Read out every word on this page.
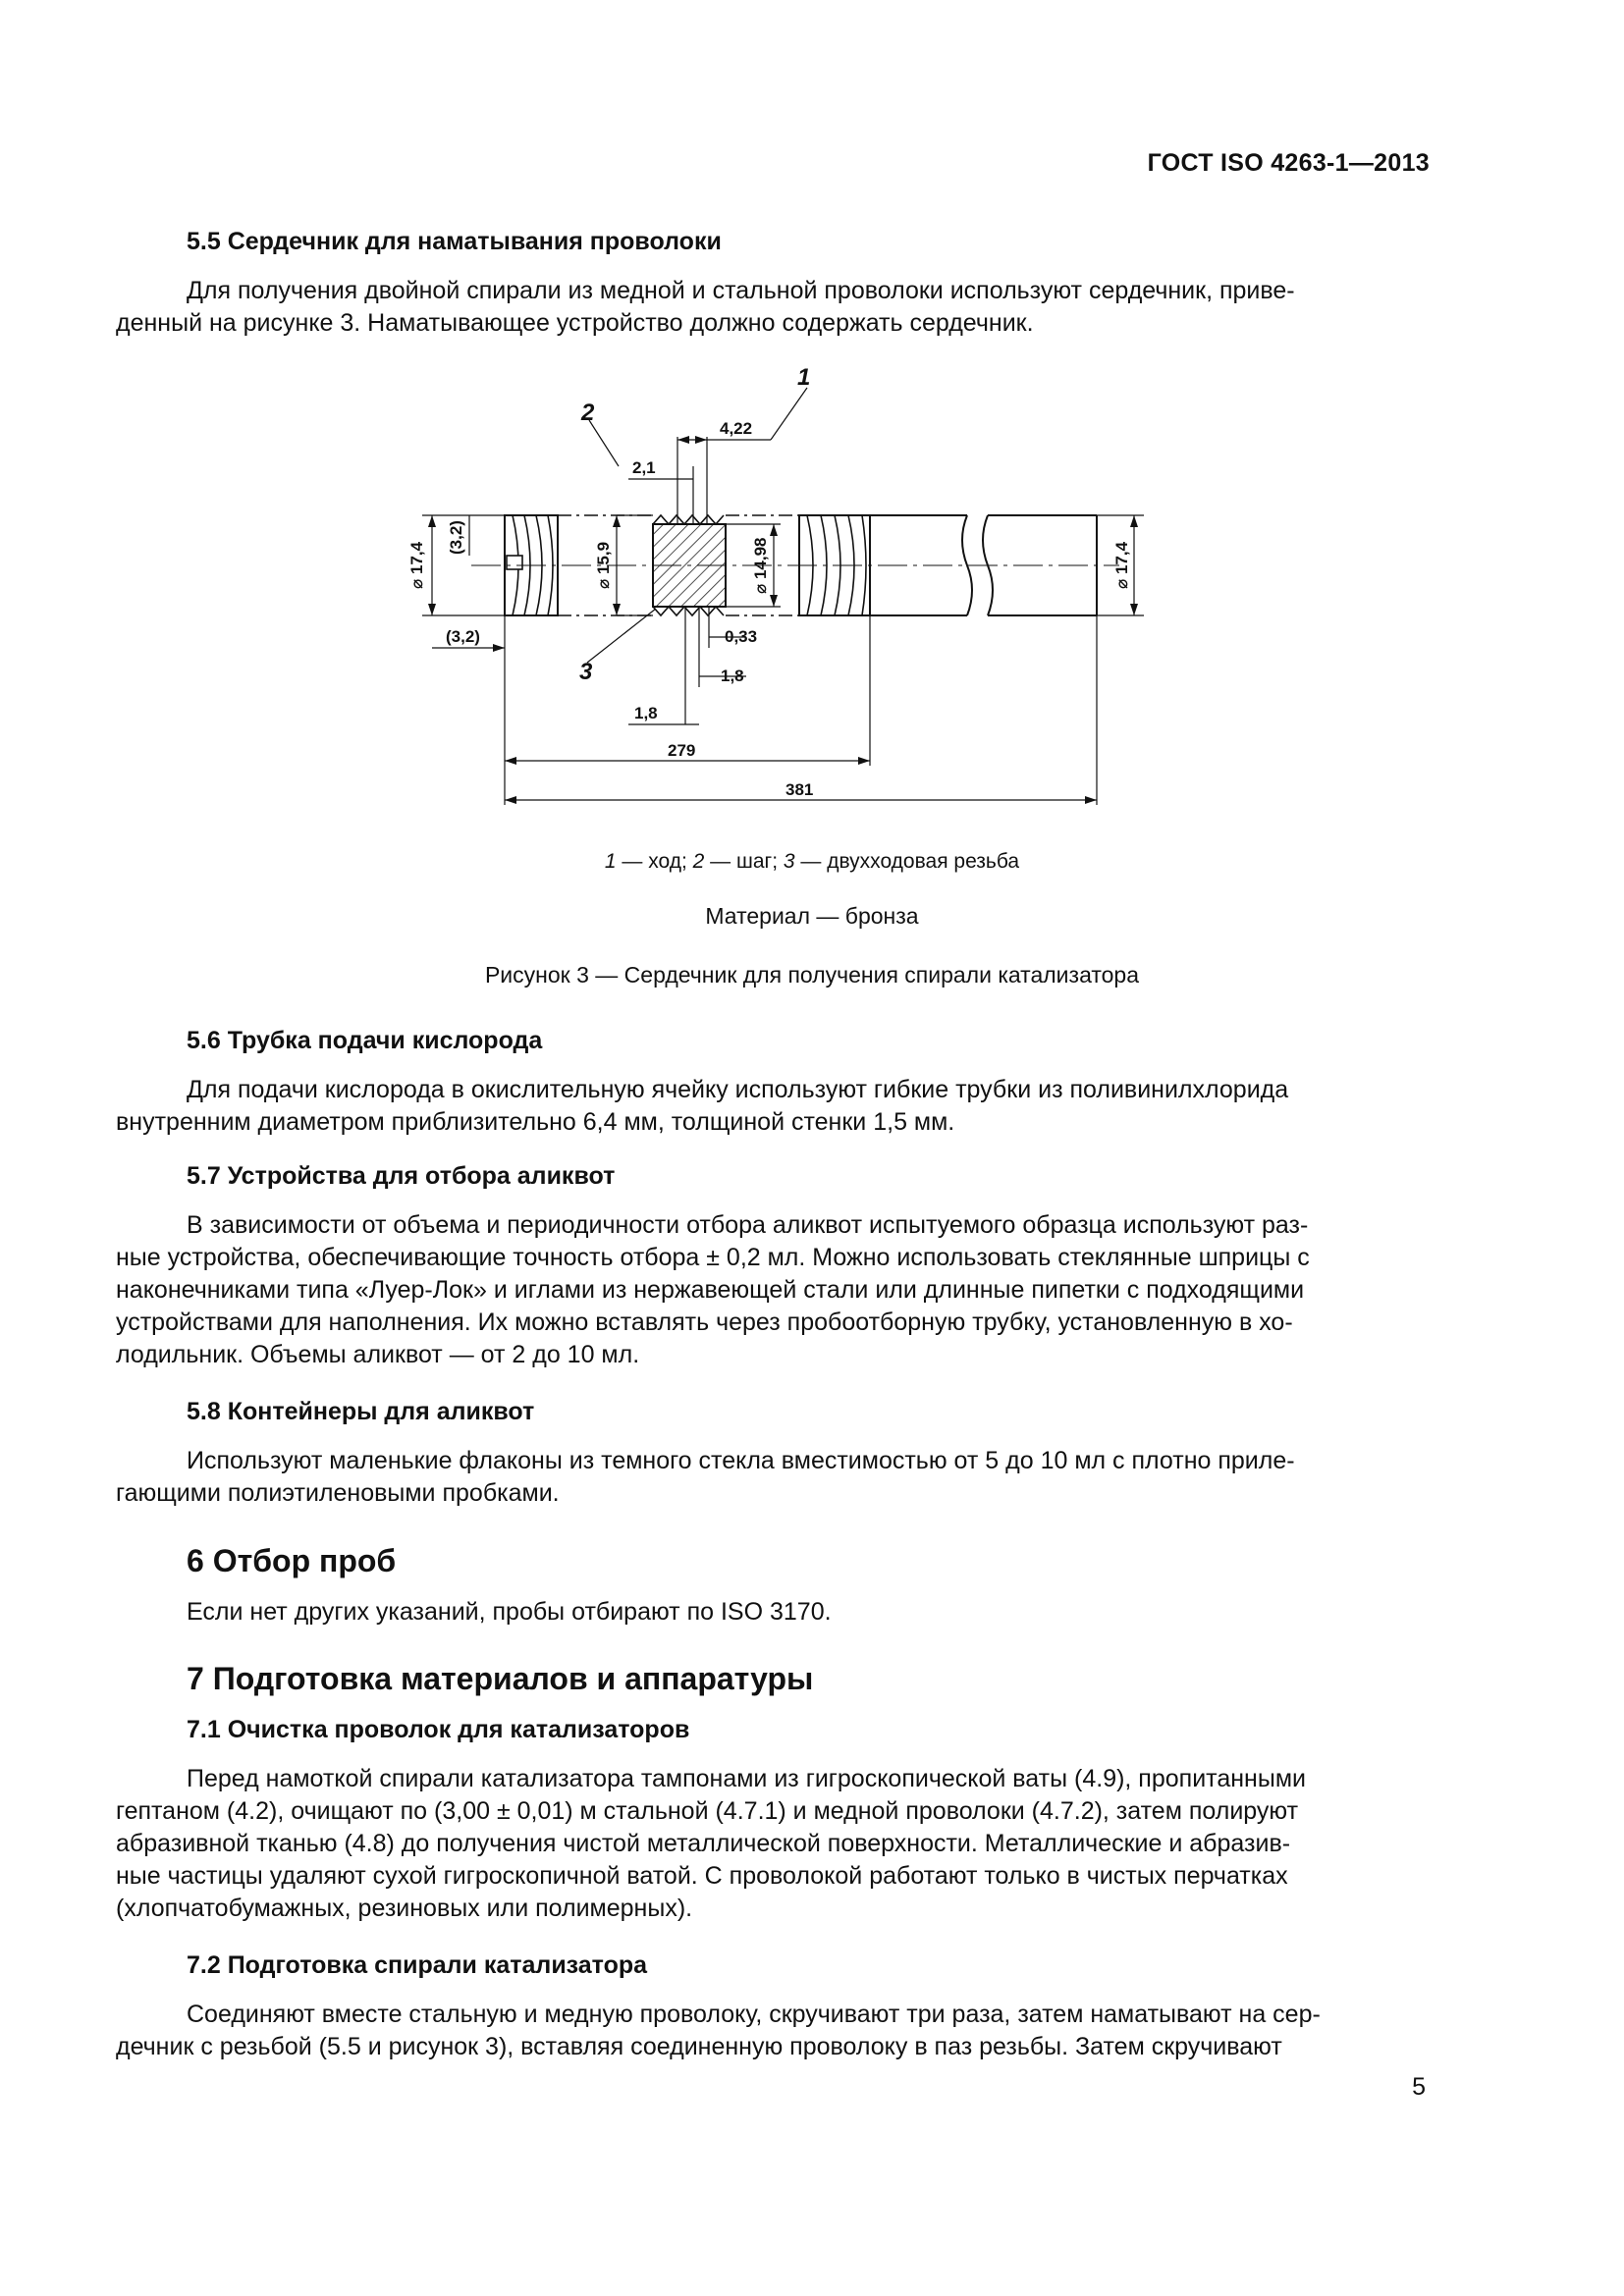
ГОСТ ISO 4263-1—2013
5.5 Сердечник для наматывания проволоки
Для получения двойной спирали из медной и стальной проволоки используют сердечник, приве-
денный на рисунке 3. Наматывающее устройство должно содержать сердечник.
4,22
2,1
⌀ 17,4
(3,2)
⌀ 15,9	⌀ 14,98	⌀ 17,4
(3,2)	0,33
1,8
1,8
279
381
1
2
3
1 — ход; 2 — шаг; 3 — двухходовая резьба
Материал — бронза
Рисунок 3 — Сердечник для получения спирали катализатора
5.6 Трубка подачи кислорода
Для подачи кислорода в окислительную ячейку используют гибкие трубки из поливинилхлорида
внутренним диаметром приблизительно 6,4 мм, толщиной стенки 1,5 мм.
5.7 Устройства для отбора аликвот
В зависимости от объема и периодичности отбора аликвот испытуемого образца используют раз-
ные устройства, обеспечивающие точность отбора ± 0,2 мл. Можно использовать стеклянные шприцы с
наконечниками типа «Луер-Лок» и иглами из нержавеющей стали или длинные пипетки с подходящими
устройствами для наполнения. Их можно вставлять через пробоотборную трубку, установленную в хо-
лодильник. Объемы аликвот — от 2 до 10 мл.
5.8 Контейнеры для аликвот
Используют маленькие флаконы из темного стекла вместимостью от 5 до 10 мл с плотно приле-
гающими полиэтиленовыми пробками.
6 Отбор проб
Если нет других указаний, пробы отбирают по ISO 3170.
7 Подготовка материалов и аппаратуры
7.1 Очистка проволок для катализаторов
Перед намоткой спирали катализатора тампонами из гигроскопической ваты (4.9), пропитанными
гептаном (4.2), очищают по (3,00 ± 0,01) м стальной (4.7.1) и медной проволоки (4.7.2), затем полируют
абразивной тканью (4.8) до получения чистой металлической поверхности. Металлические и абразив-
ные частицы удаляют сухой гигроскопичной ватой. С проволокой работают только в чистых перчатках
(хлопчатобумажных, резиновых или полимерных).
7.2 Подготовка спирали катализатора
Соединяют вместе стальную и медную проволоку, скручивают три раза, затем наматывают на сер-
дечник с резьбой (5.5 и рисунок 3), вставляя соединенную проволоку в паз резьбы. Затем скручивают
5
